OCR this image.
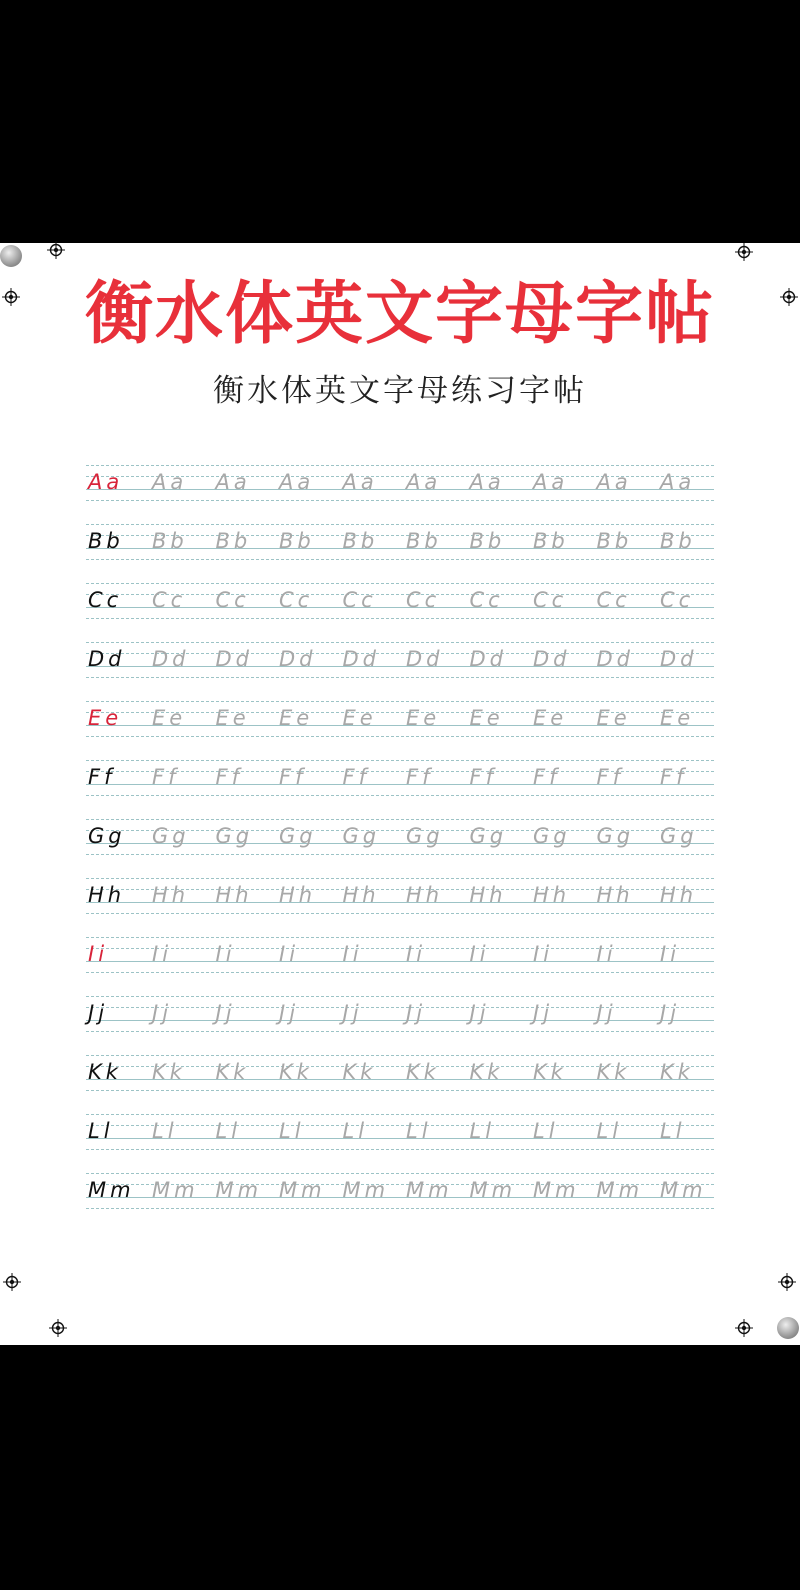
衡水体英文字母字帖
衡水体英文字母练习字帖
Aa	Aa	Aa	Aa	Aa	Aa	Aa	Aa	Aa	Aa
Bb	Bb	Bb	Bb	Bb	Bb	Bb	Bb	Bb	Bb
Cc	Cc	Cc	Cc	Cc	Cc	Cc	Cc	Cc	Cc
Dd	Dd	Dd	Dd	Dd	Dd	Dd	Dd	Dd	Dd
Ee	Ee	Ee	Ee	Ee	Ee	Ee	Ee	Ee	Ee
Ff	Ff	Ff	Ff	Ff	Ff	Ff	Ff	Ff	Ff
Gg	Gg	Gg	Gg	Gg	Gg	Gg	Gg	Gg	Gg
Hh	Hh	Hh	Hh	Hh	Hh	Hh	Hh	Hh	Hh
Ii	Ii	Ii	Ii	Ii	Ii	Ii	Ii	Ii	Ii
Jj	Jj	Jj	Jj	Jj	Jj	Jj	Jj	Jj	Jj
Kk	Kk	Kk	Kk	Kk	Kk	Kk	Kk	Kk	Kk
Ll	Ll	Ll	Ll	Ll	Ll	Ll	Ll	Ll	Ll
Mm Mm Mm Mm Mm Mm Mm Mm Mm Mm
